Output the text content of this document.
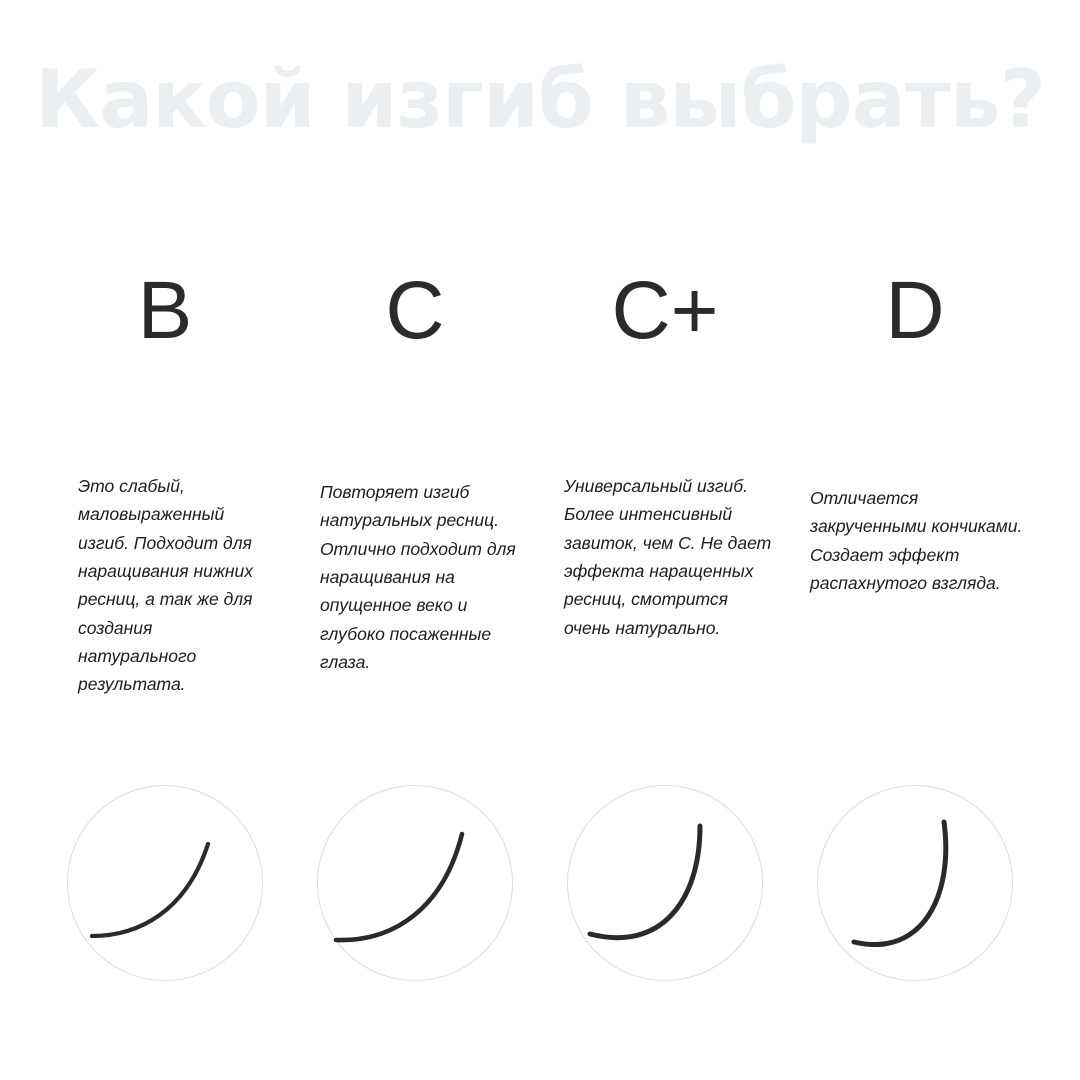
Какой изгиб выбрать?
B
Это слабый, маловыраженный изгиб. Подходит для наращивания нижних ресниц, а так же для создания натурального результата.
C
Повторяет изгиб натуральных ресниц. Отлично подходит для наращивания на опущенное веко и глубоко посаженные глаза.
C+
Универсальный изгиб. Более интенсивный завиток, чем С. Не дает эффекта наращенных ресниц, смотрится очень натурально.
D
Отличается закрученными кончиками. Создает эффект распахнутого взгляда.
